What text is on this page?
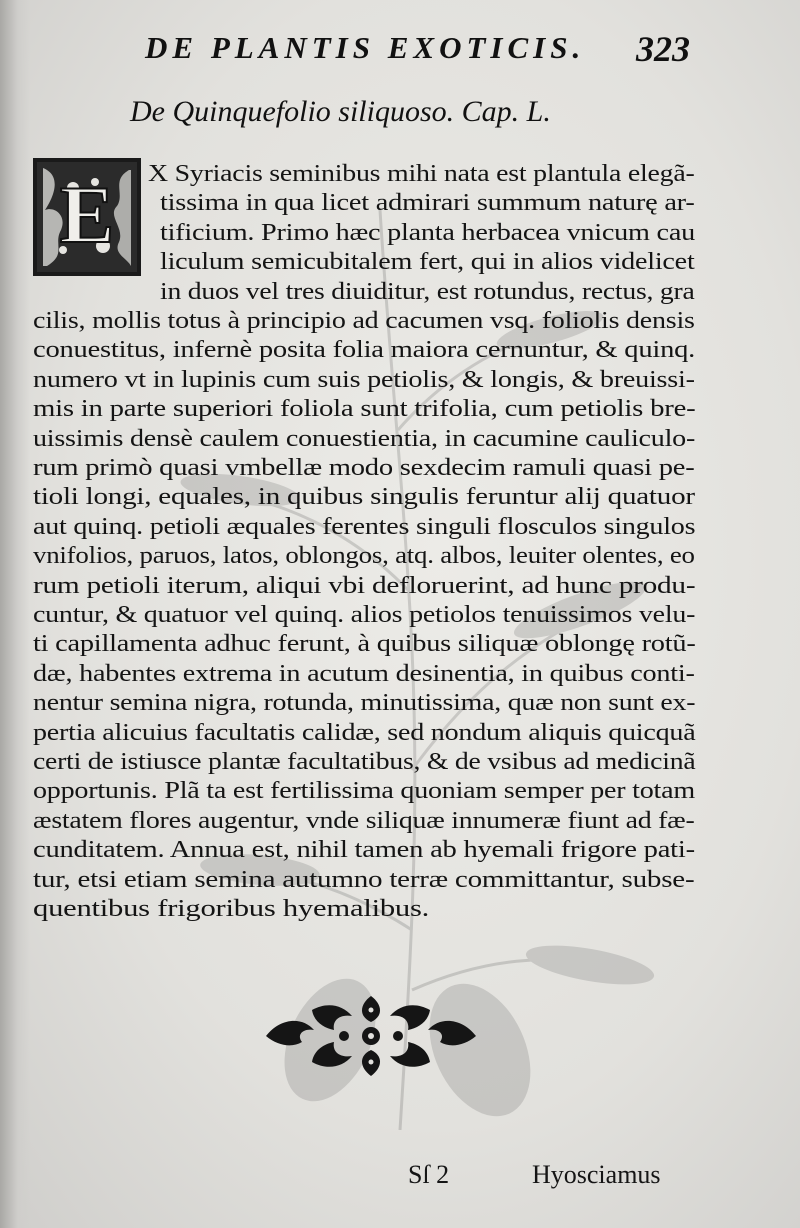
DE PLANTIS EXOTICIS.	323
De Quinquefolio siliquoso. Cap. L.
E X Syriacis seminibus mihi nata est plantula elegã-
tissima in qua licet admirari summum naturę ar-
tificium. Primo hæc planta herbacea vnicum cau
liculum semicubitalem fert, qui in alios videlicet
in duos vel tres diuiditur, est rotundus, rectus, gra
cilis, mollis totus à principio ad cacumen vsq. foliolis densis
conuestitus, infernè posita folia maiora cernuntur, & quinq.
numero vt in lupinis cum suis petiolis, & longis, & breuissi-
mis in parte superiori foliola sunt trifolia, cum petiolis bre-
uissimis densè caulem conuestientia, in cacumine cauliculo-
rum primò quasi vmbellæ modo sexdecim ramuli quasi pe-
tioli longi, equales, in quibus singulis feruntur alij quatuor
aut quinq. petioli æquales ferentes singuli flosculos singulos
vnifolios, paruos, latos, oblongos, atq. albos, leuiter olentes, eo
rum petioli iterum, aliqui vbi defloruerint, ad hunc produ-
cuntur, & quatuor vel quinq. alios petiolos tenuissimos velu-
ti capillamenta adhuc ferunt, à quibus siliquæ oblongę rotũ-
dæ, habentes extrema in acutum desinentia, in quibus conti-
nentur semina nigra, rotunda, minutissima, quæ non sunt ex-
pertia alicuius facultatis calidæ, sed nondum aliquis quicquã
certi de istiusce plantæ facultatibus, & de vsibus ad medicinã
opportunis. Plã ta est fertilissima quoniam semper per totam
æstatem flores augentur, vnde siliquæ innumeræ fiunt ad fæ-
cunditatem. Annua est, nihil tamen ab hyemali frigore pati-
tur, etsi etiam semina autumno terræ committantur, subse-
quentibus frigoribus hyemalibus.
Sſ 2	Hyosciamus
